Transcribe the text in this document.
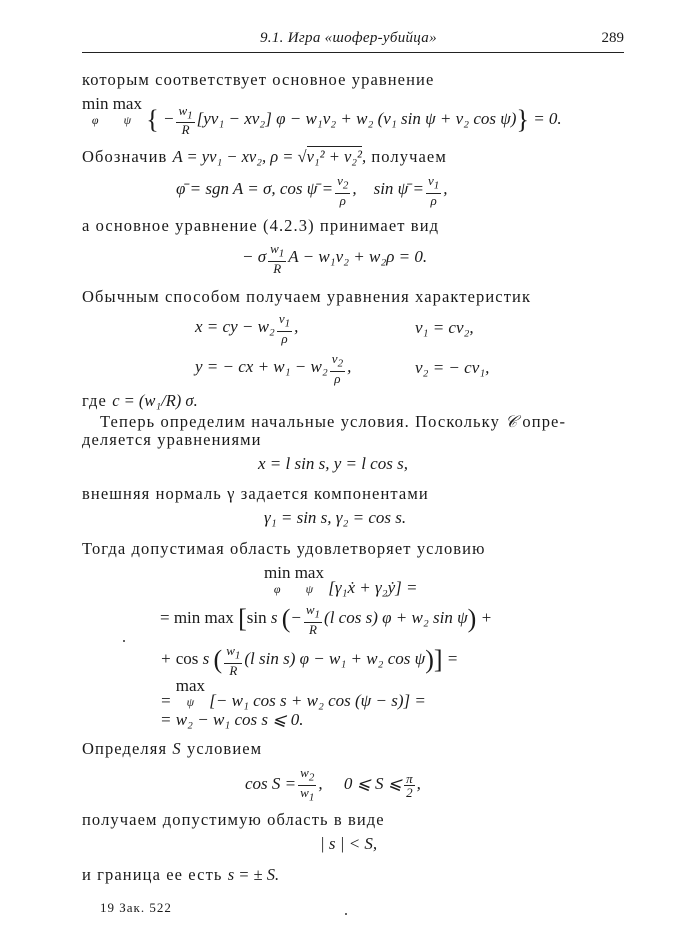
9.1. Игра «шофер-убийца»	289
которым соответствует основное уравнение
min
φ
max
ψ { − $\frac{w_1}{R} [y\nu_1 - x\nu_2] \varphi - w_1\nu_2 + w_2$ (ν₁ sin ψ + ν₂ cos ψ)} = 0.
Обозначив A = yν₁ − xν₂, ρ = √ν₁² + ν₂², получаем
φ̄ = sgn A = σ, cos ψ̄ = $\frac{\nu_2}{\rho}$ ,    sin ψ̄ = $\frac{\nu_1}{\rho}$ ,
а основное уравнение (4.2.3) принимает вид
− σ $\frac{w_1}{R}$ A − w₁ν₂ + w₂ρ = 0.
Обычным способом получаем уравнения характеристик
x = cy − $w_2 \frac{\nu_1}{\rho}$ ,	ν₁ = cν₂,
y = − cx + $w_1 - w_2 \frac{\nu_2}{\rho}$ ,	ν₂ = − cν₁,
где c = (w₁/R) σ.
Теперь определим начальные условия. Поскольку 𝒞 опре-
деляется уравнениями
x = l sin s, y = l cos s,
внешняя нормаль γ задается компонентами
γ₁ = sin s, γ₂ = cos s.
Тогда допустимая область удовлетворяет условию
min
φ
max
ψ [γ₁ẋ + γ₂ẏ] =
= min max [sin s (− $\frac{w_1}{R} (l$ cos s) φ + w₂ sin ψ) +
+ cos s ( $\frac{w_1}{R} (l$ sin s) φ − w₁ + w₂ cos ψ)] =
= max
ψ [− w₁ cos s + w₂ cos (ψ − s)] =
= w₂ − w₁ cos s ⩽ 0.
Определяя S условием
$\cos S = \frac{w_2}{w_1}$ ,     0 ⩽ S ⩽ $\frac{\pi}{2}$ ,
получаем допустимую область в виде
| s | < S,
и граница ее есть s = ± S.
19 Зак. 522
